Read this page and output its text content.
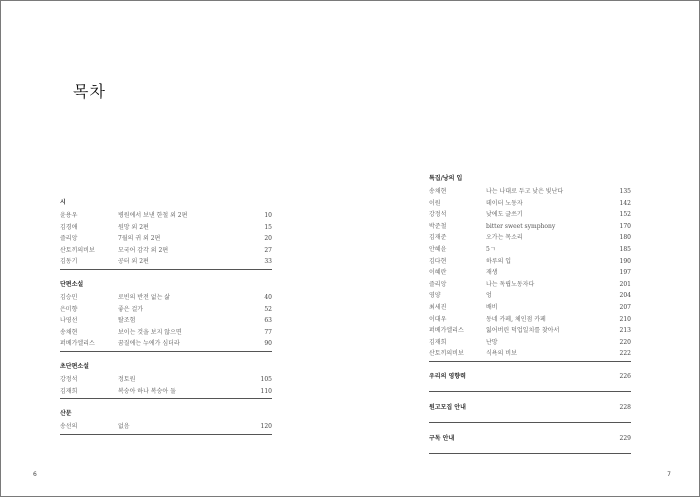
목차
시
윤용우	병원에서 보낸 한철 외 2편	10
김경애	원망 외 2편	15
즐리앙	7월의 귀 외 2편	20
산토끼의비보	모국어 감각 외 2편	27
김동기	공터 외 2편	33
단편소설
김승민	로빈의 반전 없는 삶	40
은미향	좋은 걸가	52
나영선	탈조험	63
송채현	보이는 것을 보지 않으면	77
퍼베가엘리스	꿈질에는 누에가 심더라	90
초단편소설
강정석	정토원	105
김재희	복숭아 하나 복숭아 둘	110
산문
송선의	없음	120
특집/낭의 입
송채현	나는 나대로 두고 낮은 빛난다	135
이원	데이터 노동자	142
강정석	낮에도 글쓰기	152
박준철	bitter sweet symphony	170
김재준	오가는 목소리	180
안혜윤	5ㄱ	185
김다현	하루의 입	190
이혜란	재생	197
즐리앙	나는 독립노동자다	201
영양	엉	204
최세진	배비	207
이대우	동네 카페, 체인점 카페	210
퍼베가엘리스	잃어버린 덕업일치를 찾아서	213
김재희	난망	220
산토끼의비보	식욕의 비보	222
우리의 영향력	226
원고모집 안내	228
구독 안내	229
6	7
